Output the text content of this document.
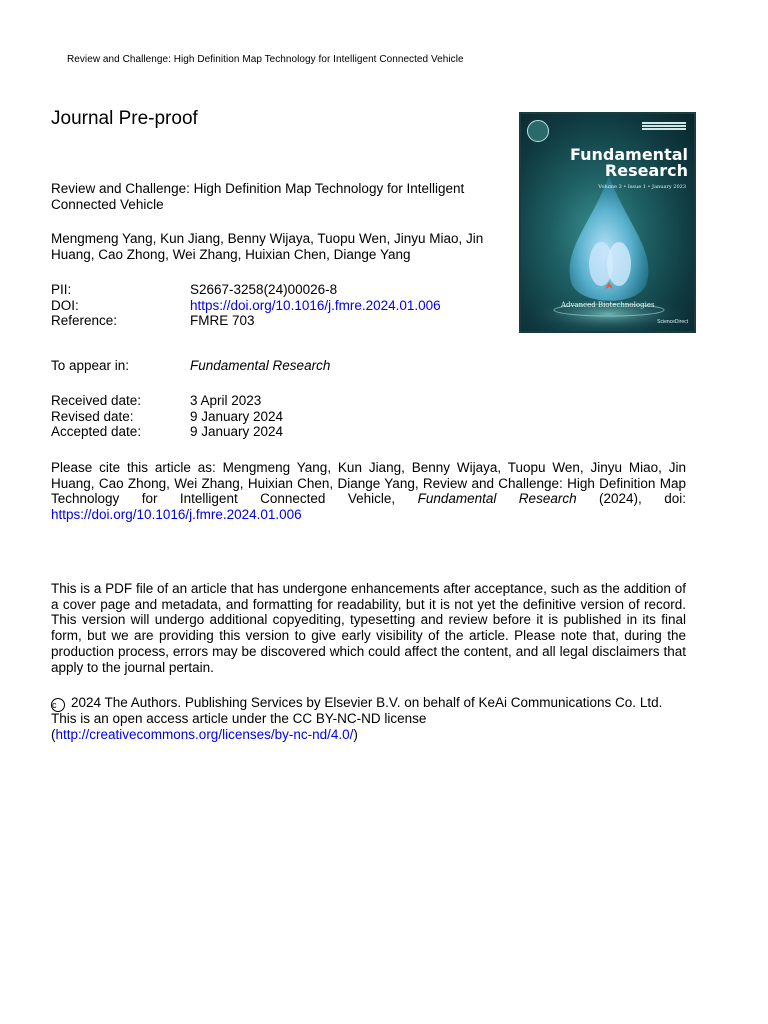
Review and Challenge: High Definition Map Technology for Intelligent Connected Vehicle
Journal Pre-proof
Review and Challenge: High Definition Map Technology for Intelligent Connected Vehicle
Mengmeng Yang, Kun Jiang, Benny Wijaya, Tuopu Wen, Jinyu Miao, Jin Huang, Cao Zhong, Wei Zhang, Huixian Chen, Diange Yang
PII:	S2667-3258(24)00026-8
DOI:	https://doi.org/10.1016/j.fmre.2024.01.006
Reference:	FMRE 703
To appear in:	Fundamental Research
Received date:	3 April 2023
Revised date:	9 January 2024
Accepted date:	9 January 2024
Please cite this article as: Mengmeng Yang, Kun Jiang, Benny Wijaya, Tuopu Wen, Jinyu Miao, Jin Huang, Cao Zhong, Wei Zhang, Huixian Chen, Diange Yang, Review and Challenge: High Definition Map Technology for Intelligent Connected Vehicle, Fundamental Research (2024), doi: https://doi.org/10.1016/j.fmre.2024.01.006
This is a PDF file of an article that has undergone enhancements after acceptance, such as the addition of a cover page and metadata, and formatting for readability, but it is not yet the definitive version of record. This version will undergo additional copyediting, typesetting and review before it is published in its final form, but we are providing this version to give early visibility of the article. Please note that, during the production process, errors may be discovered which could affect the content, and all legal disclaimers that apply to the journal pertain.
c 2024 The Authors. Publishing Services by Elsevier B.V. on behalf of KeAi Communications Co. Ltd.
This is an open access article under the CC BY-NC-ND license
(http://creativecommons.org/licenses/by-nc-nd/4.0/)
Fundamental
Research
Volume 3 • Issue 1 • January 2023
Advanced Biotechnologies
ScienceDirect
